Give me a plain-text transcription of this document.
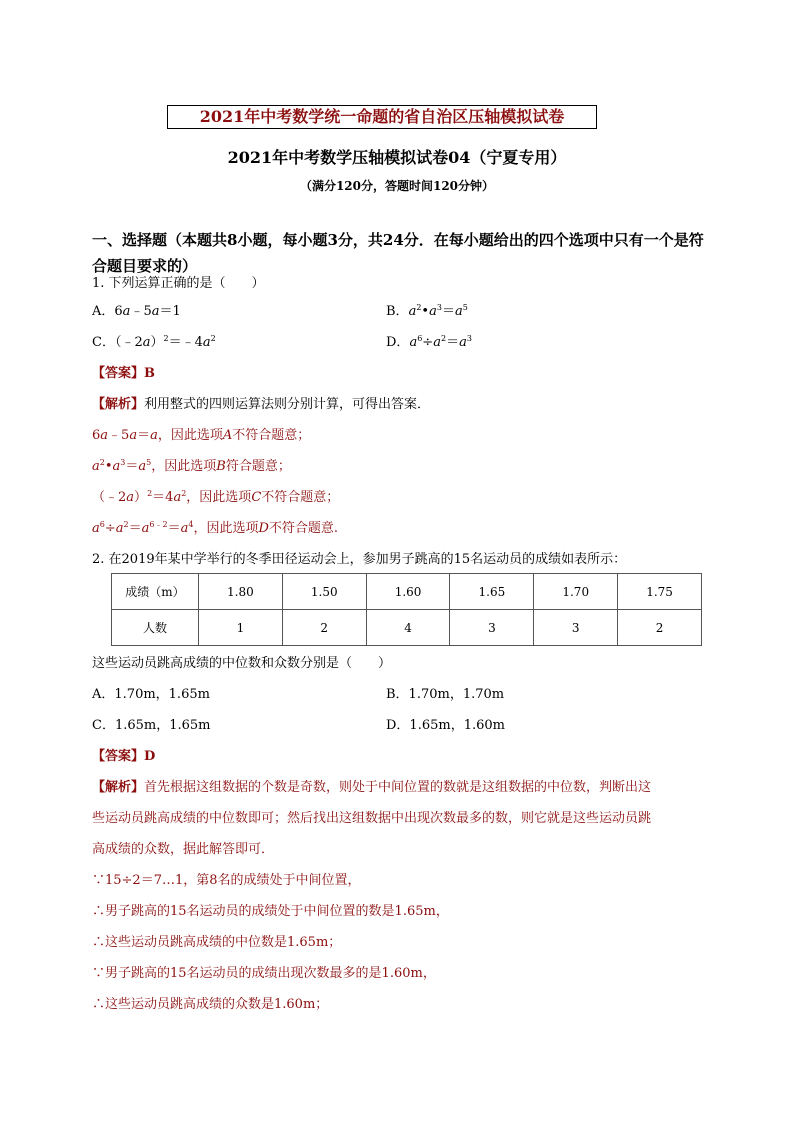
2021年中考数学统一命题的省自治区压轴模拟试卷
2021年中考数学压轴模拟试卷04（宁夏专用）
（满分120分，答题时间120分钟）
一、选择题（本题共8小题，每小题3分，共24分．在每小题给出的四个选项中只有一个是符合题目要求的）
1. 下列运算正确的是（　　）
A．6a﹣5a＝1	B．$a^2•a^3=a^5$
C．$(﹣2a)^2=﹣4a^2$	D．$a^6\div a^2=a^3$
【答案】B
【解析】利用整式的四则运算法则分别计算，可得出答案．
6a﹣5a＝a，因此选项A不符合题意；
$a^2•a^3=a^5$，因此选项B符合题意；
$(﹣2a)^2=4a^2$，因此选项C不符合题意；
$a^6\div a^2=a^{6﹣2}=a^4$，因此选项D不符合题意.
2. 在2019年某中学举行的冬季田径运动会上，参加男子跳高的15名运动员的成绩如表所示：
成绩（m）	1.80	1.50	1.60	1.65	1.70	1.75
人数	1	2	4	3	3	2
这些运动员跳高成绩的中位数和众数分别是（　　）
A．1.70m，1.65m	B．1.70m，1.70m
C．1.65m，1.65m	D．1.65m，1.60m
【答案】D
【解析】首先根据这组数据的个数是奇数，则处于中间位置的数就是这组数据的中位数，判断出这
些运动员跳高成绩的中位数即可；然后找出这组数据中出现次数最多的数，则它就是这些运动员跳
高成绩的众数，据此解答即可．
∵15÷2＝7…1，第8名的成绩处于中间位置，
∴男子跳高的15名运动员的成绩处于中间位置的数是1.65m，
∴这些运动员跳高成绩的中位数是1.65m；
∵男子跳高的15名运动员的成绩出现次数最多的是1.60m，
∴这些运动员跳高成绩的众数是1.60m；
